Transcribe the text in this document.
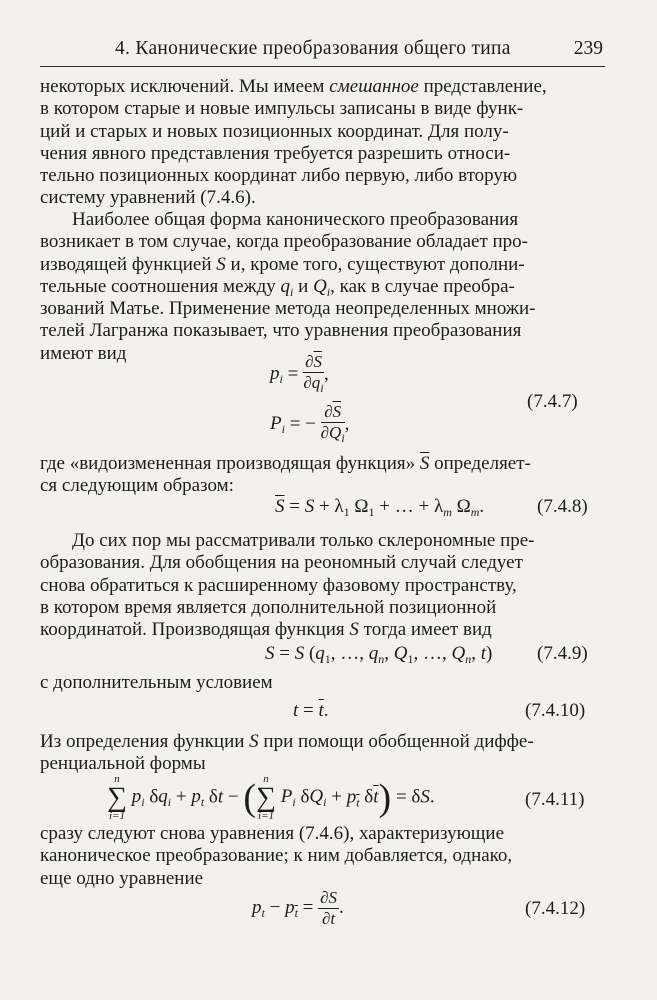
4. Канонические преобразования общего типа	239
некоторых исключений. Мы имеем смешанное представление,
в котором старые и новые импульсы записаны в виде функ-
ций и старых и новых позиционных координат. Для полу-
чения явного представления требуется разрешить относи-
тельно позиционных координат либо первую, либо вторую
систему уравнений (7.4.6).
Наиболее общая форма канонического преобразования
возникает в том случае, когда преобразование обладает про-
изводящей функцией S и, кроме того, существуют дополни-
тельные соотношения между $q_i$ и $Q_i$, как в случае преобра-
зований Матье. Применение метода неопределенных множи-
телей Лагранжа показывает, что уравнения преобразования
имеют вид
$p_i = \frac{\partial\overline{S}}{\partial q_i}$ ,
$P_i$ = − $\frac{\partial\overline{S}}{\partial Q_i}$ ,
(7.4.7)
где «видоизмененная производящая функция» $\overline{S}$ определяет-
ся следующим образом:
$\overline{S} = S + \lambda_1$ $\Omega_1$ + … + $\lambda_m$ $\Omega_m$.	(7.4.8)
До сих пор мы рассматривали только склерономные пре-
образования. Для обобщения на реономный случай следует
снова обратиться к расширенному фазовому пространству,
в котором время является дополнительной позиционной
координатой. Производящая функция S тогда имеет вид
S = S ($q_1$, …, $q_n$, $Q_1$, …, $Q_n$, t) (7.4.9)
с дополнительным условием
$t = \overline{t}$.	(7.4.10)
Из определения функции S при помощи обобщенной диффе-
ренциальной формы
n
∑
i=1
$p_i$ $\delta q_i + p_t$ δt − ( n
∑
i=1
$P_i$ $\delta Q_i + p_{\overline{t}}$ $\delta\overline{t}) = \delta S$.	(7.4.11)
сразу следуют снова уравнения (7.4.6), характеризующие
каноническое преобразование; к ним добавляется, однако,
еще одно уравнение
$p_t - p_{\overline{t}} = \frac{\partial S}{\partial t}$ .	(7.4.12)
